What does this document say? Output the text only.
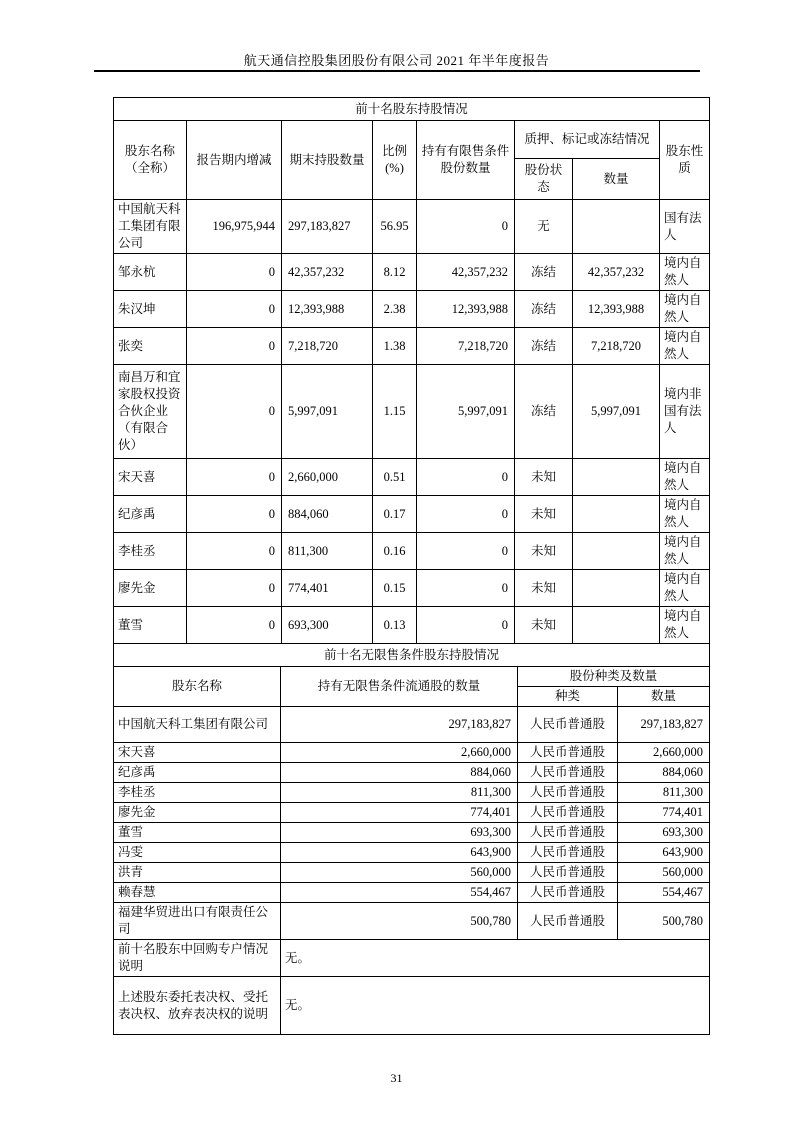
航天通信控股集团股份有限公司 2021 年半年度报告
前十名股东持股情况							
股东名称（全称）	报告期内增减	期末持股数量	比例(%)	持有有限售条件股份数量	质押、标记或冻结情况		股东性质
					股份状态	数量	
中国航天科工集团有限公司	196,975,944	297,183,827	56.95	0	无		国有法人
邹永杭	0	42,357,232	8.12	42,357,232	冻结	42,357,232	境内自然人
朱汉坤	0	12,393,988	2.38	12,393,988	冻结	12,393,988	境内自然人
张奕	0	7,218,720	1.38	7,218,720	冻结	7,218,720	境内自然人
南昌万和宜家股权投资合伙企业（有限合伙）	0	5,997,091	1.15	5,997,091	冻结	5,997,091	境内非国有法人
宋天喜	0	2,660,000	0.51	0	未知		境内自然人
纪彦禹	0	884,060	0.17	0	未知		境内自然人
李桂丞	0	811,300	0.16	0	未知		境内自然人
廖先金	0	774,401	0.15	0	未知		境内自然人
董雪	0	693,300	0.13	0	未知		境内自然人
前十名无限售条件股东持股情况			
股东名称	持有无限售条件流通股的数量	股份种类及数量	
		种类	数量
中国航天科工集团有限公司	297,183,827	人民币普通股	297,183,827
宋天喜	2,660,000	人民币普通股	2,660,000
纪彦禹	884,060	人民币普通股	884,060
李桂丞	811,300	人民币普通股	811,300
廖先金	774,401	人民币普通股	774,401
董雪	693,300	人民币普通股	693,300
冯雯	643,900	人民币普通股	643,900
洪青	560,000	人民币普通股	560,000
赖春慧	554,467	人民币普通股	554,467
福建华贸进出口有限责任公司	500,780	人民币普通股	500,780
前十名股东中回购专户情况说明	无。		
上述股东委托表决权、受托表决权、放弃表决权的说明	无。		
31
